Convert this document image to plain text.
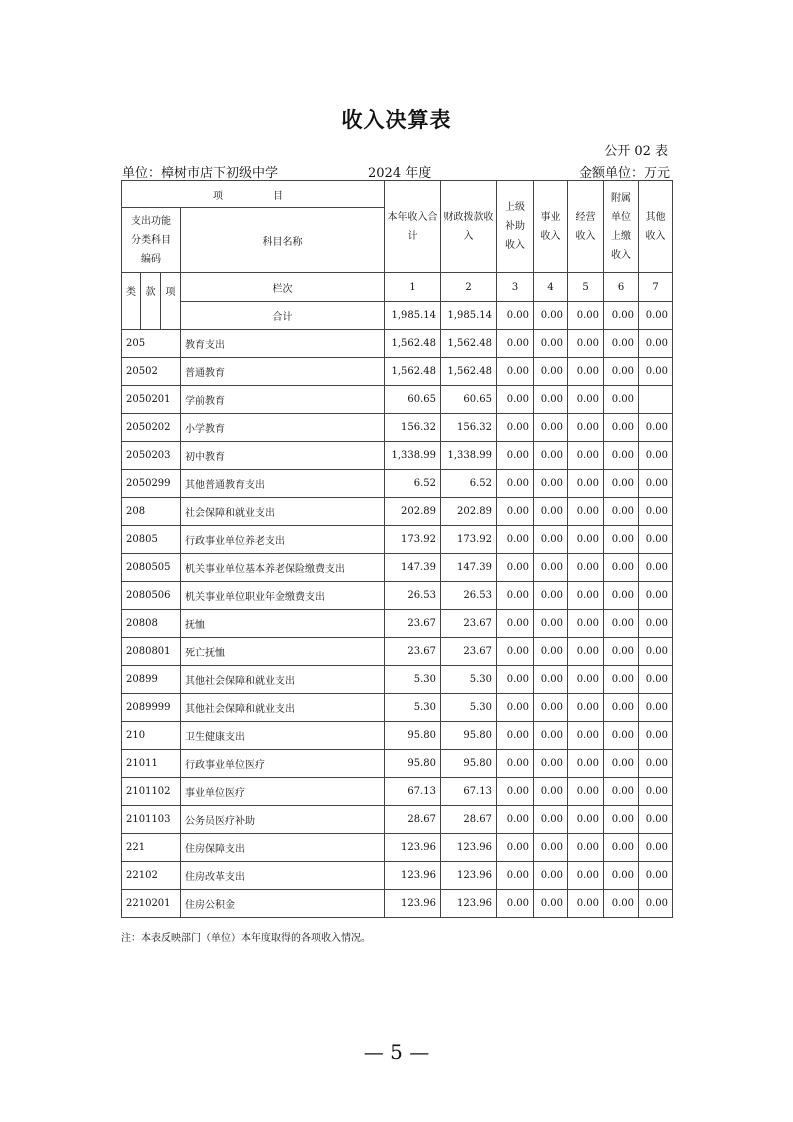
收入决算表
公开 02 表
单位：樟树市店下初级中学	2024 年度	金额单位：万元
项　　目				本年收入合计	财政拨款收入	上级补助收入	事业收入	经营收入	附属单位上缴收入	其他收入
支出功能分类科目编码			科目名称							
类	款	项	栏次	1	2	3	4	5	6	7
			合计	1,985.14	1,985.14	0.00	0.00	0.00	0.00	0.00
205			教育支出	1,562.48	1,562.48	0.00	0.00	0.00	0.00	0.00
20502			普通教育	1,562.48	1,562.48	0.00	0.00	0.00	0.00	0.00
2050201			学前教育	60.65	60.65	0.00	0.00	0.00	0.00	
2050202			小学教育	156.32	156.32	0.00	0.00	0.00	0.00	0.00
2050203			初中教育	1,338.99	1,338.99	0.00	0.00	0.00	0.00	0.00
2050299			其他普通教育支出	6.52	6.52	0.00	0.00	0.00	0.00	0.00
208			社会保障和就业支出	202.89	202.89	0.00	0.00	0.00	0.00	0.00
20805			行政事业单位养老支出	173.92	173.92	0.00	0.00	0.00	0.00	0.00
2080505			机关事业单位基本养老保险缴费支出	147.39	147.39	0.00	0.00	0.00	0.00	0.00
2080506			机关事业单位职业年金缴费支出	26.53	26.53	0.00	0.00	0.00	0.00	0.00
20808			抚恤	23.67	23.67	0.00	0.00	0.00	0.00	0.00
2080801			死亡抚恤	23.67	23.67	0.00	0.00	0.00	0.00	0.00
20899			其他社会保障和就业支出	5.30	5.30	0.00	0.00	0.00	0.00	0.00
2089999			其他社会保障和就业支出	5.30	5.30	0.00	0.00	0.00	0.00	0.00
210			卫生健康支出	95.80	95.80	0.00	0.00	0.00	0.00	0.00
21011			行政事业单位医疗	95.80	95.80	0.00	0.00	0.00	0.00	0.00
2101102			事业单位医疗	67.13	67.13	0.00	0.00	0.00	0.00	0.00
2101103			公务员医疗补助	28.67	28.67	0.00	0.00	0.00	0.00	0.00
221			住房保障支出	123.96	123.96	0.00	0.00	0.00	0.00	0.00
22102			住房改革支出	123.96	123.96	0.00	0.00	0.00	0.00	0.00
2210201			住房公积金	123.96	123.96	0.00	0.00	0.00	0.00	0.00
注：本表反映部门（单位）本年度取得的各项收入情况。
— 5 —
